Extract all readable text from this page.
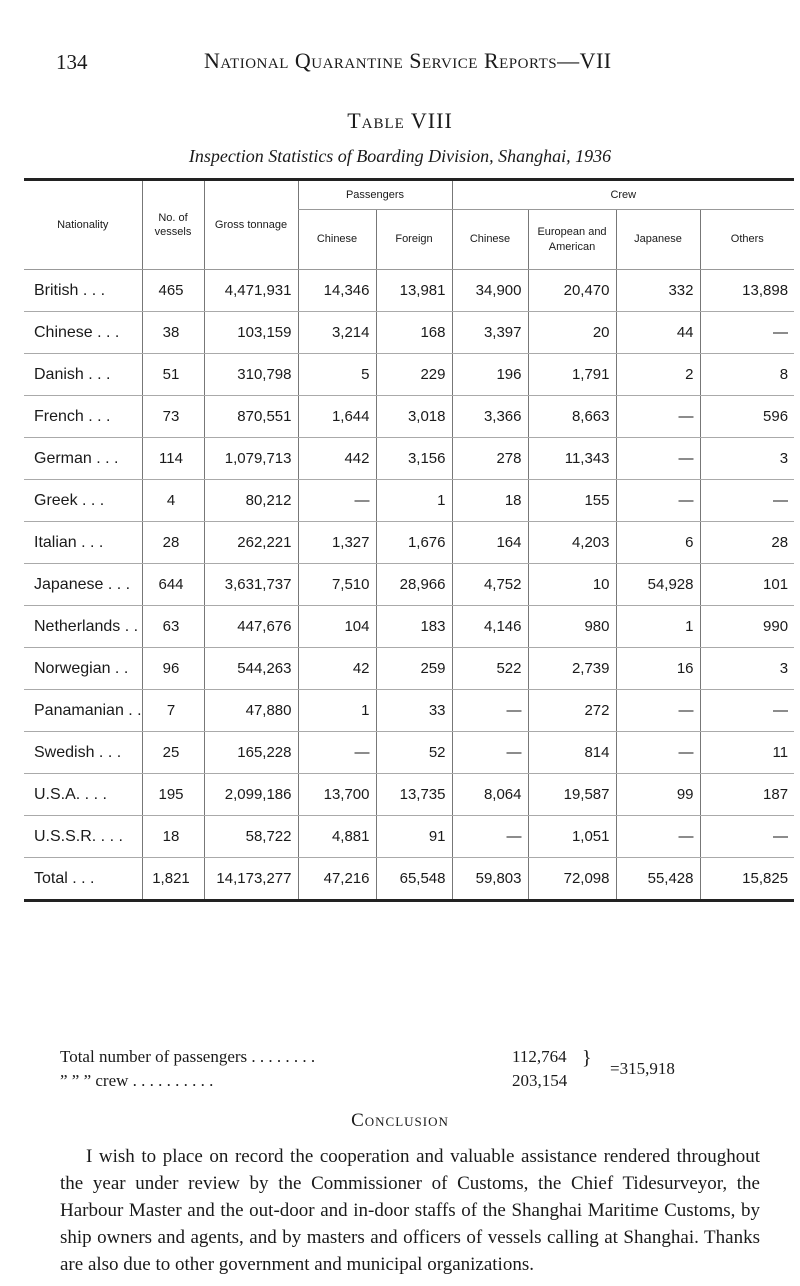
134	National Quarantine Service Reports—VII
Table VIII
Inspection Statistics of Boarding Division, Shanghai, 1936
Nationality	No. of vessels	Gross tonnage	Passengers		Crew			
			Chinese	Foreign	Chinese	European and American	Japanese	Others
British . . .	465	4,471,931	14,346	13,981	34,900	20,470	332	13,898
Chinese . . .	38	103,159	3,214	168	3,397	20	44	—
Danish . . .	51	310,798	5	229	196	1,791	2	8
French . . .	73	870,551	1,644	3,018	3,366	8,663	—	596
German . . .	114	1,079,713	442	3,156	278	11,343	—	3
Greek . . .	4	80,212	—	1	18	155	—	—
Italian . . .	28	262,221	1,327	1,676	164	4,203	6	28
Japanese . . .	644	3,631,737	7,510	28,966	4,752	10	54,928	101
Netherlands . .	63	447,676	104	183	4,146	980	1	990
Norwegian . .	96	544,263	42	259	522	2,739	16	3
Panamanian . .	7	47,880	1	33	—	272	—	—
Swedish . . .	25	165,228	—	52	—	814	—	11
U.S.A. . . .	195	2,099,186	13,700	13,735	8,064	19,587	99	187
U.S.S.R. . . .	18	58,722	4,881	91	—	1,051	—	—
Total . . .	1,821	14,173,277	47,216	65,548	59,803	72,098	55,428	15,825
Total number of passengers . . . . . . . .	112,764
” ” ” crew . . . . . . . . . .	203,154
} =315,918
Conclusion
I wish to place on record the cooperation and valuable assistance rendered throughout the year under review by the Commissioner of Customs, the Chief Tidesurveyor, the Harbour Master and the out-door and in-door staffs of the Shanghai Maritime Customs, by ship owners and agents, and by masters and officers of vessels calling at Shanghai. Thanks are also due to other government and municipal organizations.
